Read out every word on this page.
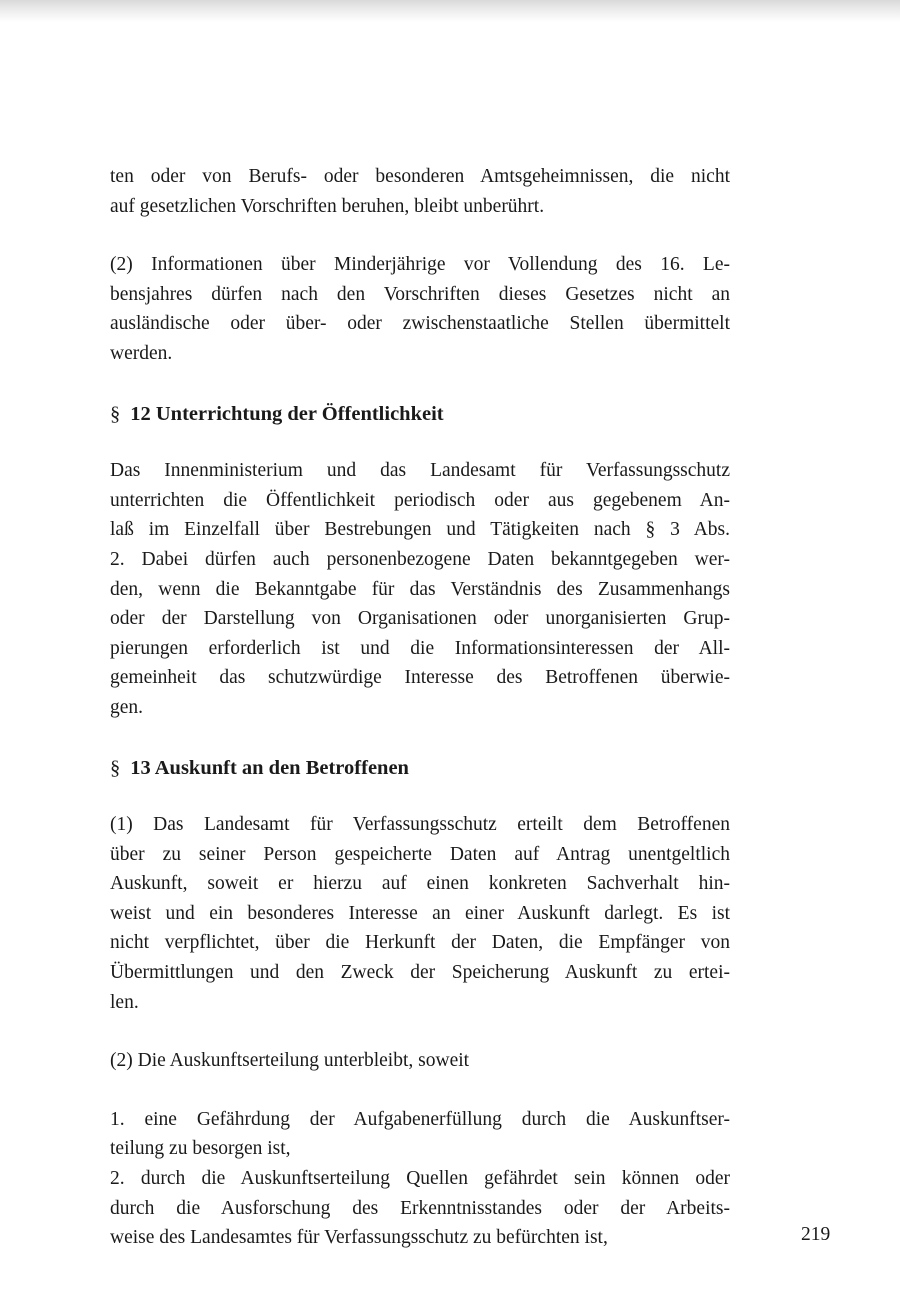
ten oder von Berufs- oder besonderen Amtsgeheimnissen, die nicht
auf gesetzlichen Vorschriften beruhen, bleibt unberührt.
(2) Informationen über Minderjährige vor Vollendung des 16. Le-
bensjahres dürfen nach den Vorschriften dieses Gesetzes nicht an
ausländische oder über- oder zwischenstaatliche Stellen übermittelt
werden.
§ 12 Unterrichtung der Öffentlichkeit
Das Innenministerium und das Landesamt für Verfassungsschutz
unterrichten die Öffentlichkeit periodisch oder aus gegebenem An-
laß im Einzelfall über Bestrebungen und Tätigkeiten nach § 3 Abs.
2. Dabei dürfen auch personenbezogene Daten bekanntgegeben wer-
den, wenn die Bekanntgabe für das Verständnis des Zusammenhangs
oder der Darstellung von Organisationen oder unorganisierten Grup-
pierungen erforderlich ist und die Informationsinteressen der All-
gemeinheit das schutzwürdige Interesse des Betroffenen überwie-
gen.
§ 13 Auskunft an den Betroffenen
(1) Das Landesamt für Verfassungsschutz erteilt dem Betroffenen
über zu seiner Person gespeicherte Daten auf Antrag unentgeltlich
Auskunft, soweit er hierzu auf einen konkreten Sachverhalt hin-
weist und ein besonderes Interesse an einer Auskunft darlegt. Es ist
nicht verpflichtet, über die Herkunft der Daten, die Empfänger von
Übermittlungen und den Zweck der Speicherung Auskunft zu ertei-
len.
(2) Die Auskunftserteilung unterbleibt, soweit
1. eine Gefährdung der Aufgabenerfüllung durch die Auskunftser-
teilung zu besorgen ist,
2. durch die Auskunftserteilung Quellen gefährdet sein können oder
durch die Ausforschung des Erkenntnisstandes oder der Arbeits-
weise des Landesamtes für Verfassungsschutz zu befürchten ist,	219
